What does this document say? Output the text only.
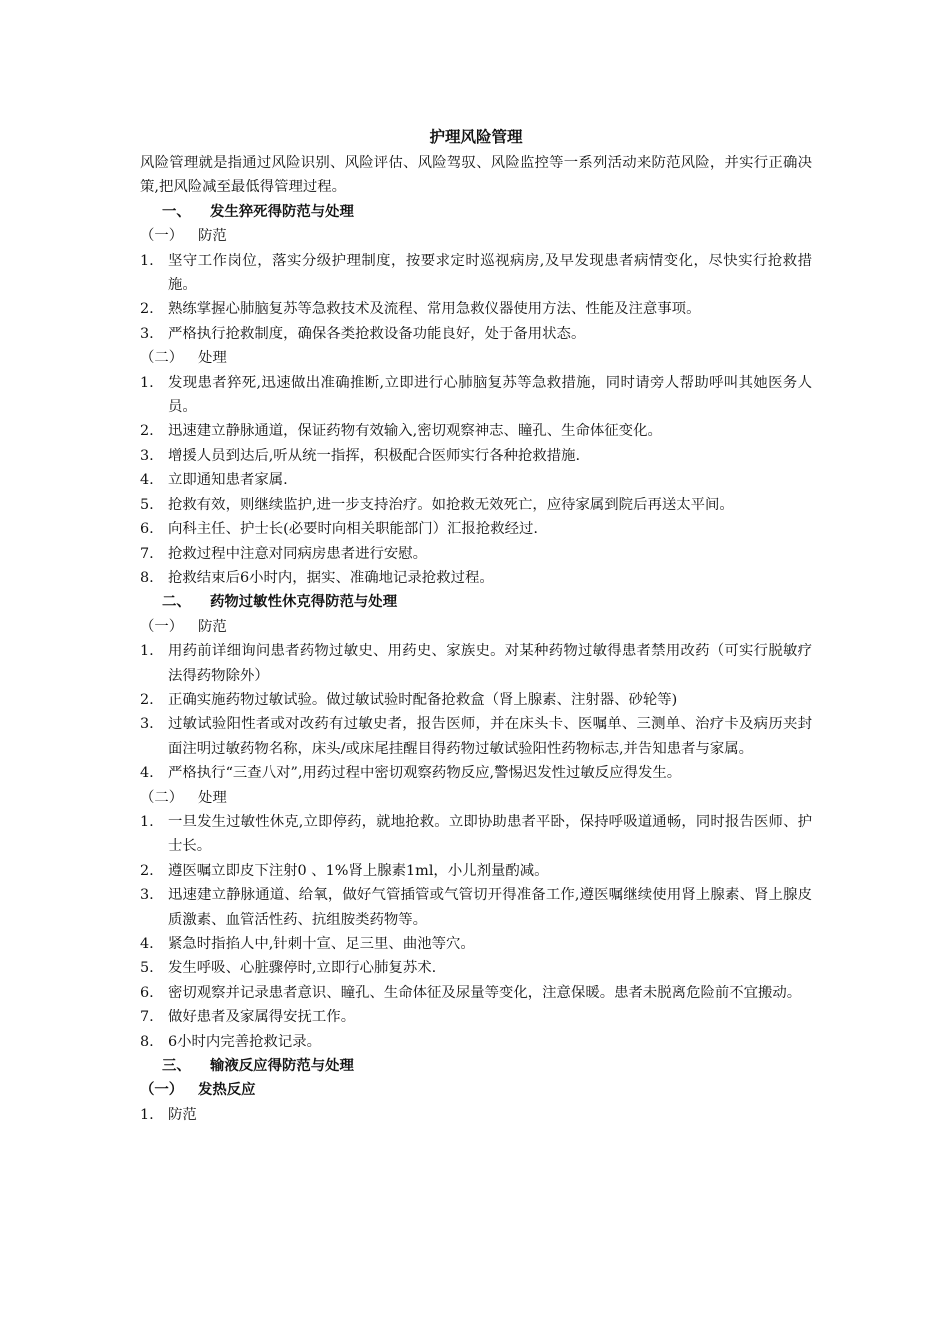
护理风险管理

风险管理就是指通过风险识别、风险评估、风险驾驭、风险监控等一系列活动来防范风险，并实行正确决策,把风险减至最低得管理过程。

一、 发生猝死得防范与处理
（一） 防范
1. 坚守工作岗位，落实分级护理制度，按要求定时巡视病房,及早发现患者病情变化，尽快实行抢救措施。
2. 熟练掌握心肺脑复苏等急救技术及流程、常用急救仪器使用方法、性能及注意事项。
3. 严格执行抢救制度，确保各类抢救设备功能良好，处于备用状态。
（二） 处理
1. 发现患者猝死,迅速做出准确推断,立即进行心肺脑复苏等急救措施，同时请旁人帮助呼叫其她医务人员。
2. 迅速建立静脉通道，保证药物有效输入,密切观察神志、瞳孔、生命体征变化。
3. 增援人员到达后,听从统一指挥，积极配合医师实行各种抢救措施.
4. 立即通知患者家属.
5. 抢救有效，则继续监护,进一步支持治疗。如抢救无效死亡，应待家属到院后再送太平间。
6. 向科主任、护士长(必要时向相关职能部门）汇报抢救经过.
7. 抢救过程中注意对同病房患者进行安慰。
8. 抢救结束后6小时内，据实、准确地记录抢救过程。
二、 药物过敏性休克得防范与处理
（一） 防范
1. 用药前详细询问患者药物过敏史、用药史、家族史。对某种药物过敏得患者禁用改药（可实行脱敏疗法得药物除外）
2. 正确实施药物过敏试验。做过敏试验时配备抢救盒（肾上腺素、注射器、砂轮等)
3. 过敏试验阳性者或对改药有过敏史者，报告医师，并在床头卡、医嘱单、三测单、治疗卡及病历夹封面注明过敏药物名称，床头/或床尾挂醒目得药物过敏试验阳性药物标志,并告知患者与家属。
4. 严格执行“三查八对”,用药过程中密切观察药物反应,警惕迟发性过敏反应得发生。
（二） 处理
1. 一旦发生过敏性休克,立即停药，就地抢救。立即协助患者平卧，保持呼吸道通畅，同时报告医师、护士长。
2. 遵医嘱立即皮下注射0 、1%肾上腺素1ml，小儿剂量酌减。
3. 迅速建立静脉通道、给氧，做好气管插管或气管切开得准备工作,遵医嘱继续使用肾上腺素、肾上腺皮质激素、血管活性药、抗组胺类药物等。
4. 紧急时指掐人中,针刺十宣、足三里、曲池等穴。
5. 发生呼吸、心脏骤停时,立即行心肺复苏术.
6. 密切观察并记录患者意识、瞳孔、生命体征及尿量等变化，注意保暖。患者未脱离危险前不宜搬动。
7. 做好患者及家属得安抚工作。
8. 6小时内完善抢救记录。
三、 输液反应得防范与处理
（一） 发热反应
1. 防范
